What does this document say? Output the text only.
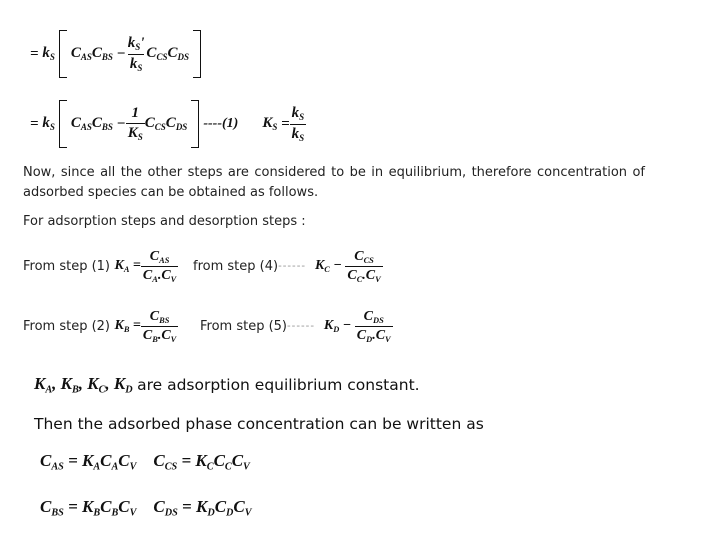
=
$k_S$ $C_{AS}$ $C_{BS}$
− $\frac{k_S'}{k_S} C_{CS}$ $C_{DS}$
=
$k_S$ $C_{AS}$ $C_{BS}$
− $\frac{1}{K_S} C_{CS}$ $C_{DS}$ ----(1) $K_S$
= $\frac{k_S}{k_S}$
Now, since all the other steps are considered to be in equilibrium, therefore concentration of adsorbed species can be obtained as follows.
For adsorption steps and desorption steps :
From step (1)
$K_A$
= $\frac{C_{AS}}{C_A.C_V}$ from step (4) ------
$K_C$
−
$\frac{C_{CS}}{C_C.C_V}$
From step (2)
$K_B$
= $\frac{C_{BS}}{C_B.C_V}$ From step (5) ------
$K_D$
−
$\frac{C_{DS}}{C_D.C_V}$
$K_A$, $K_B$, $K_C$, $K_D$
are adsorption equilibrium constant.
Then the adsorbed phase concentration can be written as
$C_{AS} = K_AC_AC_V$ $C_{CS} = K_CC_CC_V$
$C_{BS} = K_BC_BC_V$ $C_{DS} = K_DC_DC_V$
